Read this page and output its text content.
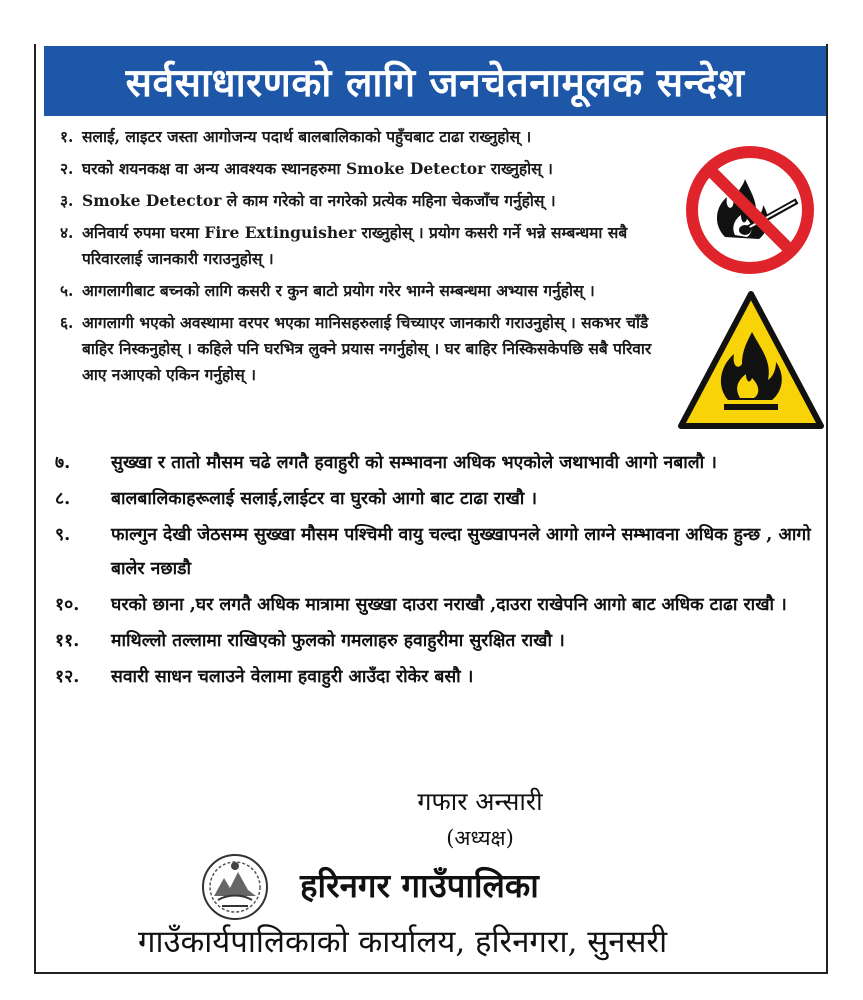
सर्वसाधारणको लागि जनचेतनामूलक सन्देश
१. सलाई, लाइटर जस्ता आगोजन्य पदार्थ बालबालिकाको पहुँचबाट टाढा राख्नुहोस् ।
२. घरको शयनकक्ष वा अन्य आवश्यक स्थानहरुमा Smoke Detector राख्नुहोस् ।
३. Smoke Detector ले काम गरेको वा नगरेको प्रत्येक महिना चेकजाँच गर्नुहोस् ।
४. अनिवार्य रुपमा घरमा Fire Extinguisher राख्नुहोस् । प्रयोग कसरी गर्ने भन्ने सम्बन्धमा सबै परिवारलाई जानकारी गराउनुहोस् ।
५. आगलागीबाट बच्नको लागि कसरी र कुन बाटो प्रयोग गरेर भाग्ने सम्बन्धमा अभ्यास गर्नुहोस् ।
६. आगलागी भएको अवस्थामा वरपर भएका मानिसहरुलाई चिच्याएर जानकारी गराउनुहोस् । सकभर चाँडै बाहिर निस्कनुहोस् । कहिले पनि घरभित्र लुक्ने प्रयास नगर्नुहोस् । घर बाहिर निस्किसकेपछि सबै परिवार आए नआएको एकिन गर्नुहोस् ।
७.	सुख्खा र तातो मौसम चढे लगतै हवाहुरी को सम्भावना अधिक भएकोले जथाभावी आगो नबालौ ।
८.	बालबालिकाहरूलाई सलाई,लाईटर वा घुरको आगो बाट टाढा राखौ ।
९.	फाल्गुन देखी जेठसम्म सुख्खा मौसम पश्चिमी वायु चल्दा सुख्खापनले आगो लाग्ने सम्भावना अधिक हुन्छ , आगो बालेर नछाडौ
१०.	घरको छाना ,घर लगतै अधिक मात्रामा सुख्खा दाउरा नराखौ ,दाउरा राखेपनि आगो बाट अधिक टाढा राखौ ।
११.	माथिल्लो तल्लामा राखिएको फुलको गमलाहरु हवाहुरीमा सुरक्षित राखौ ।
१२.	सवारी साधन चलाउने वेलामा हवाहुरी आउँदा रोकेर बसौ ।
गफार अन्सारी
(अध्यक्ष)
हरिनगर गाउँपालिका
गाउँकार्यपालिकाको कार्यालय, हरिनगरा, सुनसरी
